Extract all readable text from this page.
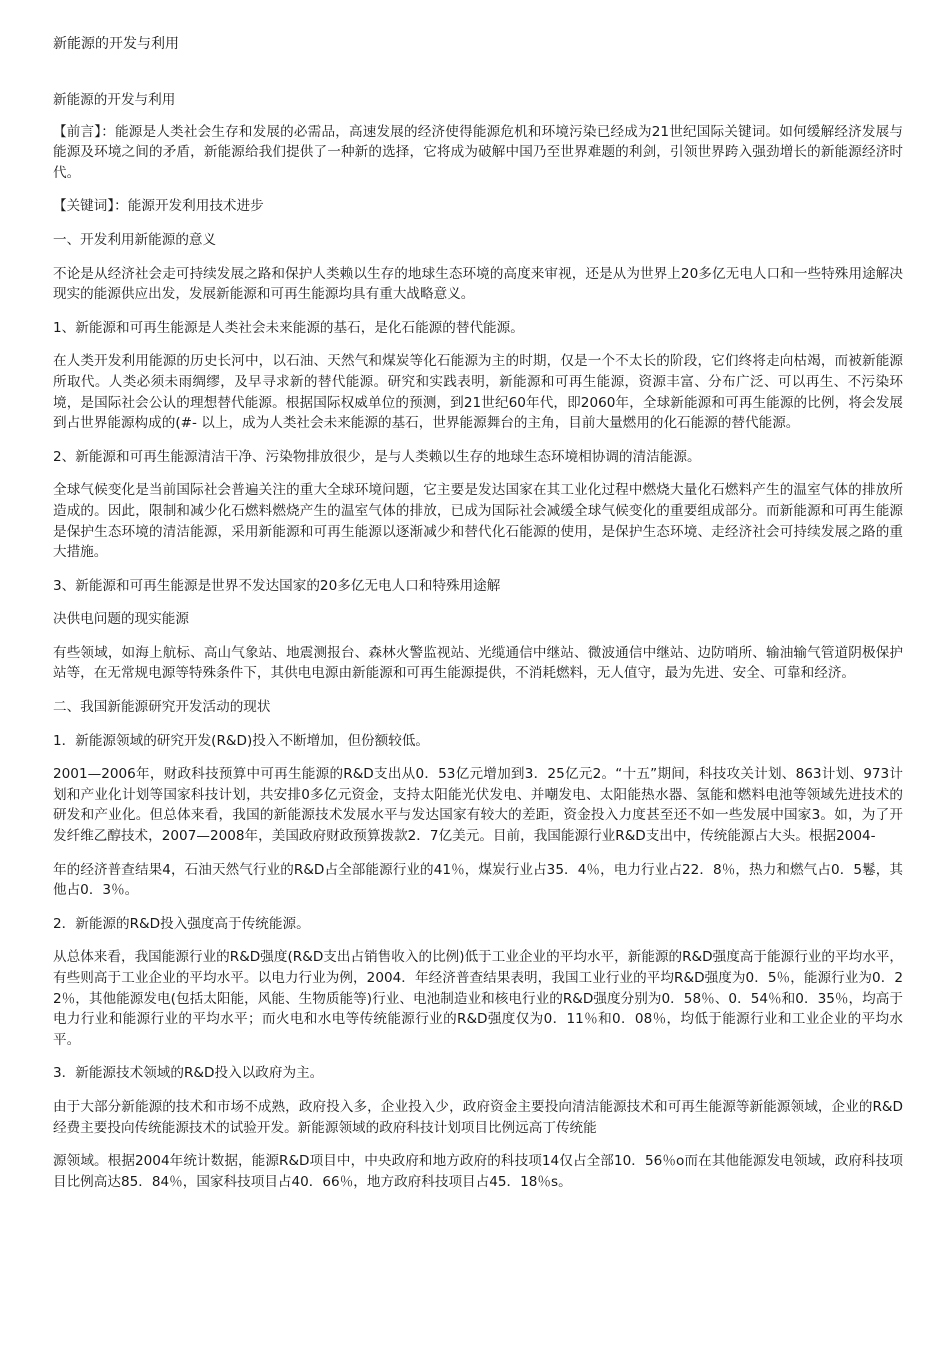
新能源的开发与利用

新能源的开发与利用

【前言】：能源是人类社会生存和发展的必需品，高速发展的经济使得能源危机和环境污染已经成为21世纪国际关键词。如何缓解经济发展与能源及环境之间的矛盾，新能源给我们提供了一种新的选择，它将成为破解中国乃至世界难题的利剑，引领世界跨入强劲增长的新能源经济时代。

【关键词】：能源开发利用技术进步

一、开发利用新能源的意义

不论是从经济社会走可持续发展之路和保护人类赖以生存的地球生态环境的高度来审视，还是从为世界上20多亿无电人口和一些特殊用途解决现实的能源供应出发，发展新能源和可再生能源均具有重大战略意义。

1、新能源和可再生能源是人类社会未来能源的基石，是化石能源的替代能源。

在人类开发利用能源的历史长河中，以石油、天然气和煤炭等化石能源为主的时期，仅是一个不太长的阶段，它们终将走向枯竭，而被新能源所取代。人类必须未雨绸缪，及早寻求新的替代能源。研究和实践表明，新能源和可再生能源，资源丰富、分布广泛、可以再生、不污染环境，是国际社会公认的理想替代能源。根据国际权威单位的预测，到21世纪60年代，即2060年，全球新能源和可再生能源的比例，将会发展到占世界能源构成的(#- 以上，成为人类社会未来能源的基石，世界能源舞台的主角，目前大量燃用的化石能源的替代能源。

2、新能源和可再生能源清洁干净、污染物排放很少，是与人类赖以生存的地球生态环境相协调的清洁能源。

全球气候变化是当前国际社会普遍关注的重大全球环境问题，它主要是发达国家在其工业化过程中燃烧大量化石燃料产生的温室气体的排放所造成的。因此，限制和减少化石燃料燃烧产生的温室气体的排放，已成为国际社会减缓全球气候变化的重要组成部分。而新能源和可再生能源是保护生态环境的清洁能源，采用新能源和可再生能源以逐渐减少和替代化石能源的使用，是保护生态环境、走经济社会可持续发展之路的重大措施。

3、新能源和可再生能源是世界不发达国家的20多亿无电人口和特殊用途解

决供电问题的现实能源

有些领域，如海上航标、高山气象站、地震测报台、森林火警监视站、光缆通信中继站、微波通信中继站、边防哨所、输油输气管道阴极保护站等，在无常规电源等特殊条件下，其供电电源由新能源和可再生能源提供，不消耗燃料，无人值守，最为先进、安全、可靠和经济。

二、我国新能源研究开发活动的现状

1．新能源领域的研究开发(R&D)投入不断增加，但份额较低。

2001—2006年，财政科技预算中可再生能源的R&D支出从0．53亿元增加到3．25亿元2。“十五”期间，科技攻关计划、863计划、973计划和产业化计划等国家科技计划，共安排0多亿元资金，支持太阳能光伏发电、并嘲发电、太阳能热水器、氢能和燃料电池等领域先进技术的研发和产业化。但总体来看，我国的新能源技术发展水平与发达国家有较大的差距，资金投入力度甚至还不如一些发展中国家3。如，为了开发纤维乙醇技术，2007—2008年，美国政府财政预算拨款2．7亿美元。目前，我国能源行业R&D支出中，传统能源占大头。根据2004-

年的经济普查结果4，石油天然气行业的R&D占全部能源行业的41％，煤炭行业占35．4％，电力行业占22．8％，热力和燃气占0．5鬈，其他占0．3％。

2．新能源的R&D投入强度高于传统能源。

从总体来看，我国能源行业的R&D强度(R&D支出占销售收入的比例)低于工业企业的平均水平，新能源的R&D强度高于能源行业的平均水平，有些则高于工业企业的平均水平。以电力行业为例，2004．年经济普查结果表明，我国工业行业的平均R&D强度为0．5％，能源行业为0．22％，其他能源发电(包括太阳能，风能、生物质能等)行业、电池制造业和核电行业的R&D强度分别为0．58％、0．54％和0．35％，均高于电力行业和能源行业的平均水平；而火电和水电等传统能源行业的R&D强度仅为0．11％和0．08％，均低于能源行业和工业企业的平均水平。

3．新能源技术领域的R&D投入以政府为主。

由于大部分新能源的技术和市场不成熟，政府投入多，企业投入少，政府资金主要投向清洁能源技术和可再生能源等新能源领域，企业的R&D经费主要投向传统能源技术的试验开发。新能源领域的政府科技计划项目比例远高丁传统能

源领域。根据2004年统计数据，能源R&D项目中，中央政府和地方政府的科技项14仅占全部10．56％o而在其他能源发电领域，政府科技项目比例高达85．84％，国家科技项目占40．66％，地方政府科技项目占45．18％s。
